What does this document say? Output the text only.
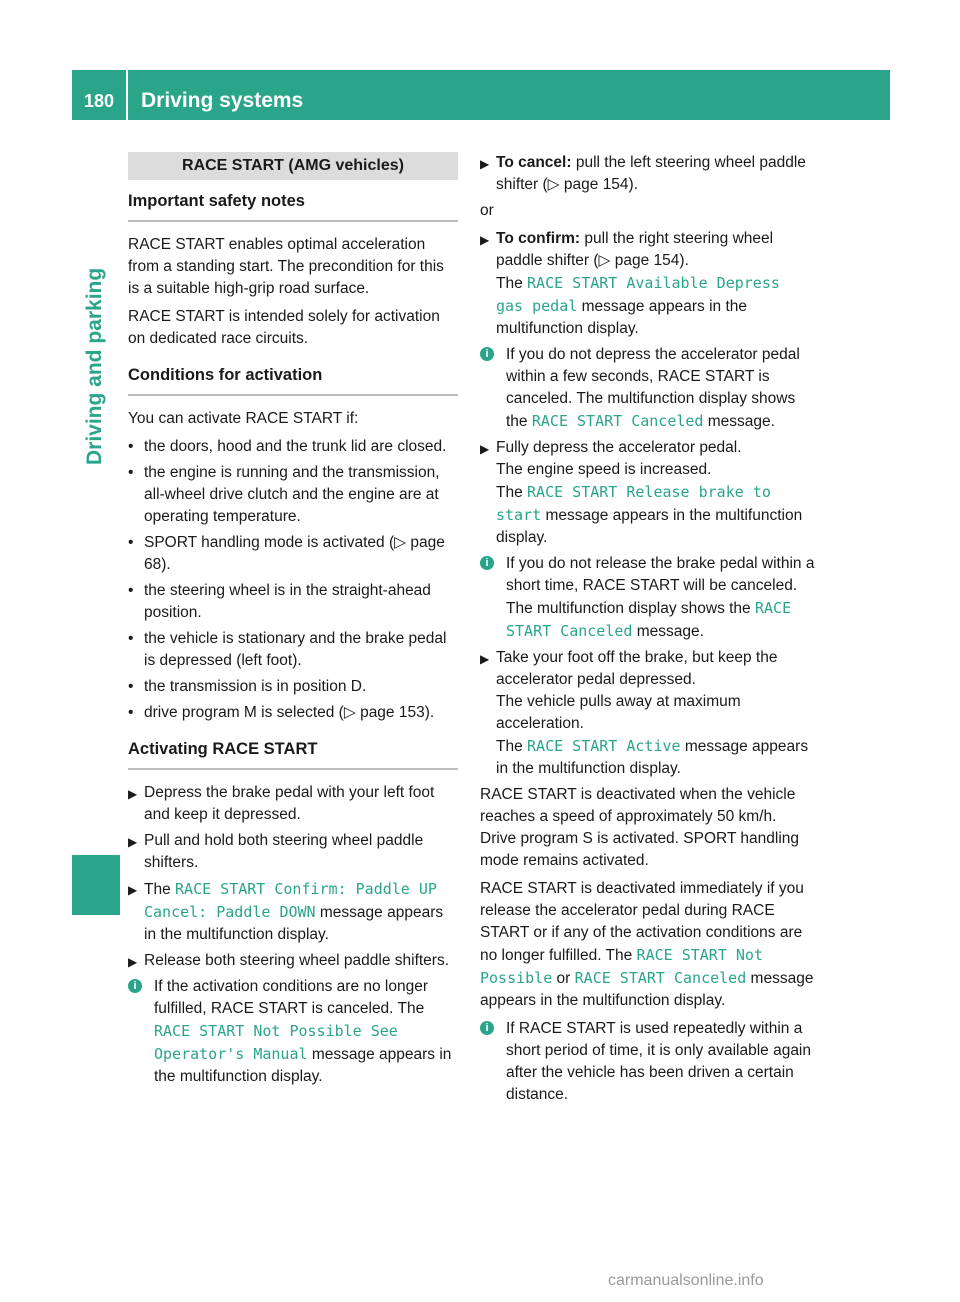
180	Driving systems
Driving and parking
RACE START (AMG vehicles)
Important safety notes

RACE START enables optimal acceleration from a standing start. The precondition for this is a suitable high-grip road surface.

RACE START is intended solely for activation on dedicated race circuits.

Conditions for activation

You can activate RACE START if:

• the doors, hood and the trunk lid are closed.
• the engine is running and the transmission, all-wheel drive clutch and the engine are at operating temperature.
• SPORT handling mode is activated (▷ page 68).
• the steering wheel is in the straight-ahead position.
• the vehicle is stationary and the brake pedal is depressed (left foot).
• the transmission is in position D.
• drive program M is selected (▷ page 153).
Activating RACE START
▶ Depress the brake pedal with your left foot and keep it depressed.
▶ Pull and hold both steering wheel paddle shifters.
▶ The RACE START Confirm: Paddle UP Cancel: Paddle DOWN message appears in the multifunction display.
▶ Release both steering wheel paddle shifters.
i	If the activation conditions are no longer fulfilled, RACE START is canceled. The RACE START Not Possible See Operator's Manual message appears in the multifunction display.
▶ To cancel: pull the left steering wheel paddle shifter (▷ page 154).

or

▶ To confirm: pull the right steering wheel paddle shifter (▷ page 154).
The RACE START Available Depress gas pedal message appears in the multifunction display.
i	If you do not depress the accelerator pedal within a few seconds, RACE START is canceled. The multifunction display shows the RACE START Canceled message.
▶ Fully depress the accelerator pedal.
The engine speed is increased.
The RACE START Release brake to start message appears in the multifunction display.
i	If you do not release the brake pedal within a short time, RACE START will be canceled. The multifunction display shows the RACE START Canceled message.
▶ Take your foot off the brake, but keep the accelerator pedal depressed.
The vehicle pulls away at maximum acceleration.
The RACE START Active message appears in the multifunction display.

RACE START is deactivated when the vehicle reaches a speed of approximately 50 km/h. Drive program S is activated. SPORT handling mode remains activated.

RACE START is deactivated immediately if you release the accelerator pedal during RACE START or if any of the activation conditions are no longer fulfilled. The RACE START Not Possible or RACE START Canceled message appears in the multifunction display.

i	If RACE START is used repeatedly within a short period of time, it is only available again after the vehicle has been driven a certain distance.
carmanualsonline.info
